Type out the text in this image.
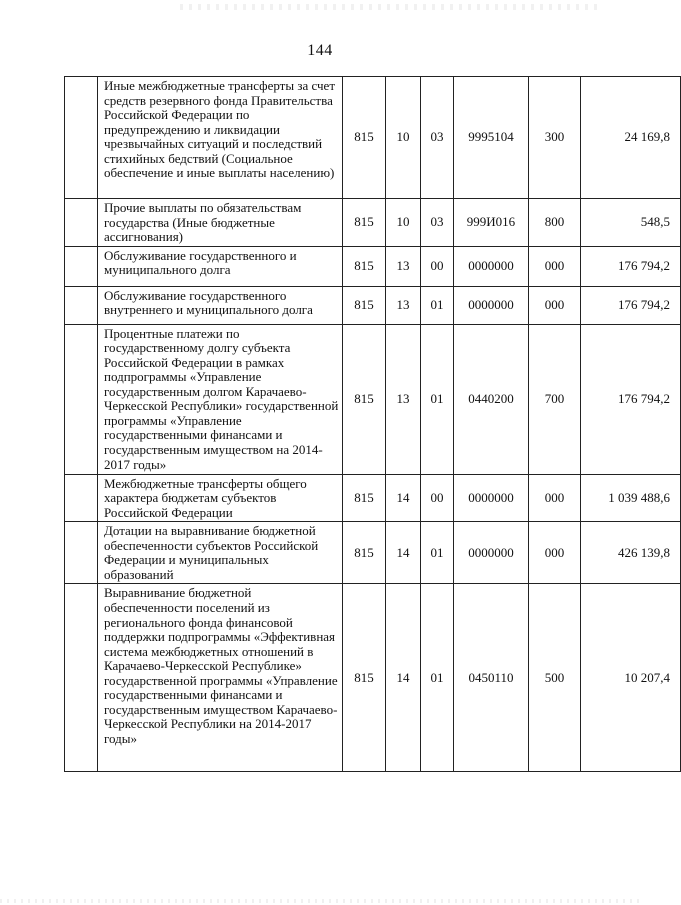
144
	Иные межбюджетные трансферты за счет средств резервного фонда Правительства Российской Федерации по предупреждению и ликвидации чрезвычайных ситуаций и последствий стихийных бедствий (Социальное обеспечение и иные выплаты населению)	815	10	03	9995104	300	24 169,8
	Прочие выплаты по обязательствам государства (Иные бюджетные ассигнования)	815	10	03	999И016	800	548,5
	Обслуживание государственного и муниципального долга	815	13	00	0000000	000	176 794,2
	Обслуживание государственного внутреннего и муниципального долга	815	13	01	0000000	000	176 794,2
	Процентные платежи по государственному долгу субъекта Российской Федерации в рамках подпрограммы «Управление государственным долгом Карачаево-Черкесской Республики» государственной программы «Управление государственными финансами и государственным имуществом на 2014-2017 годы»	815	13	01	0440200	700	176 794,2
	Межбюджетные трансферты общего характера бюджетам субъектов Российской Федерации	815	14	00	0000000	000	1 039 488,6
	Дотации на выравнивание бюджетной обеспеченности субъектов Российской Федерации и муниципальных образований	815	14	01	0000000	000	426 139,8
	Выравнивание бюджетной обеспеченности поселений из регионального фонда финансовой поддержки подпрограммы «Эффективная система межбюджетных отношений в Карачаево-Черкесской Республике» государственной программы «Управление государственными финансами и государственным имуществом Карачаево-Черкесской Республики на 2014-2017 годы»	815	14	01	0450110	500	10 207,4
